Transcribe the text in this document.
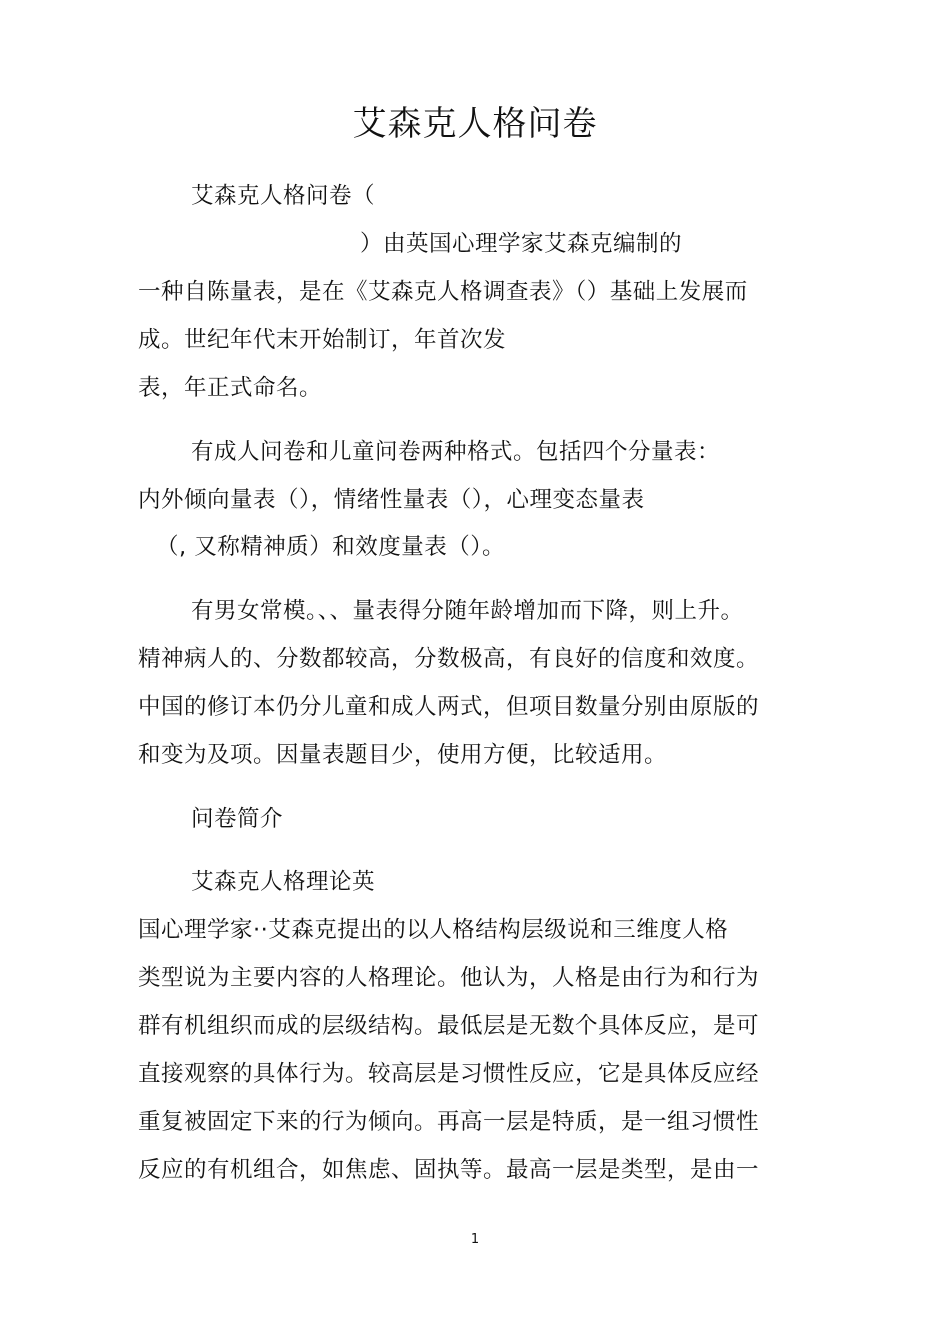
艾森克人格问卷
艾森克人格问卷（
）由英国心理学家艾森克编制的
一种自陈量表，是在《艾森克人格调查表》（）基础上发展而
成。世纪年代末开始制订，年首次发
表，年正式命名。
有成人问卷和儿童问卷两种格式。包括四个分量表：
内外倾向量表（），情绪性量表（），心理变态量表
（, 又称精神质）和效度量表（）。
有男女常模。、、量表得分随年龄增加而下降，则上升。
精神病人的、分数都较高，分数极高，有良好的信度和效度。
中国的修订本仍分儿童和成人两式，但项目数量分别由原版的
和变为及项。因量表题目少，使用方便，比较适用。
问卷简介
艾森克人格理论英
国心理学家··艾森克提出的以人格结构层级说和三维度人格
类型说为主要内容的人格理论。他认为，人格是由行为和行为
群有机组织而成的层级结构。最低层是无数个具体反应，是可
直接观察的具体行为。较高层是习惯性反应，它是具体反应经
重复被固定下来的行为倾向。再高一层是特质，是一组习惯性
反应的有机组合，如焦虑、固执等。最高一层是类型，是由一
1
